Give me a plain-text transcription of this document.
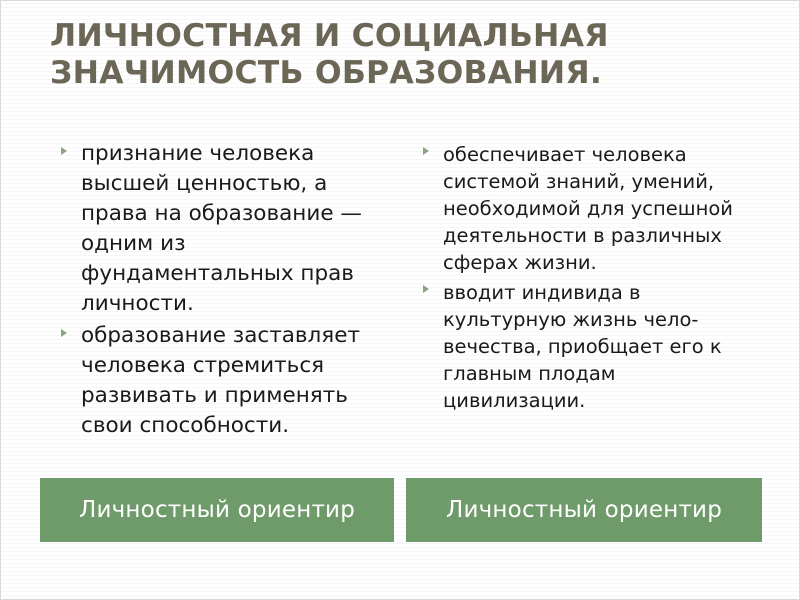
ЛИЧНОСТНАЯ И СОЦИАЛЬНАЯ ЗНАЧИМОСТЬ ОБРАЗОВАНИЯ.
признание человека высшей ценностью, а права на образование — одним из фундаментальных прав личности.
образование заставляет человека стремиться развивать и применять свои способности.
обеспечивает человека системой знаний, умений, необходимой для успешной деятельности в различных сферах жизни.
вводит индивида в культурную жизнь чело-вечества, приобщает его к главным плодам цивилизации.
Личностный ориентир	Личностный ориентир
